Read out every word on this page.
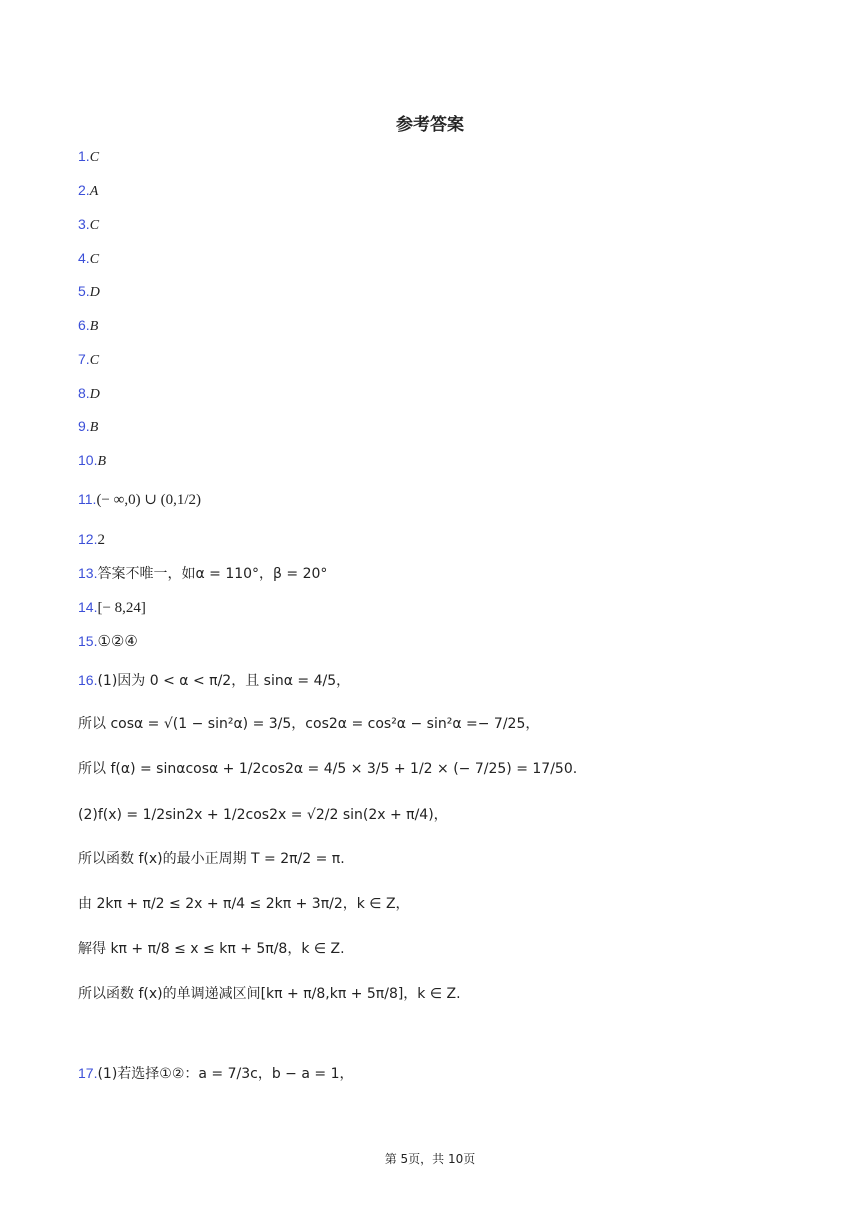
参考答案
1.C
2.A
3.C
4.C
5.D
6.B
7.C
8.D
9.B
10.B
11.(− ∞,0) ∪ (0,1/2)
12.2
13.答案不唯一，如α = 110°，β = 20°
14.[− 8,24]
15.①②④
16.(1)因为 0 < α < π/2，且 sinα = 4/5，
所以 cosα = √(1 − sin²α) = 3/5，cos2α = cos²α − sin²α =− 7/25，
所以 f(α) = sinαcosα + 1/2cos2α = 4/5 × 3/5 + 1/2 × (− 7/25) = 17/50.
(2)f(x) = 1/2sin2x + 1/2cos2x = √2/2 sin(2x + π/4)，
所以函数 f(x)的最小正周期 T = 2π/2 = π.
由 2kπ + π/2 ≤ 2x + π/4 ≤ 2kπ + 3π/2，k ∈ Z，
解得 kπ + π/8 ≤ x ≤ kπ + 5π/8，k ∈ Z.
所以函数 f(x)的单调递减区间[kπ + π/8,kπ + 5π/8]，k ∈ Z.
17.(1)若选择①②：a = 7/3c，b − a = 1，
第 5页，共 10页
